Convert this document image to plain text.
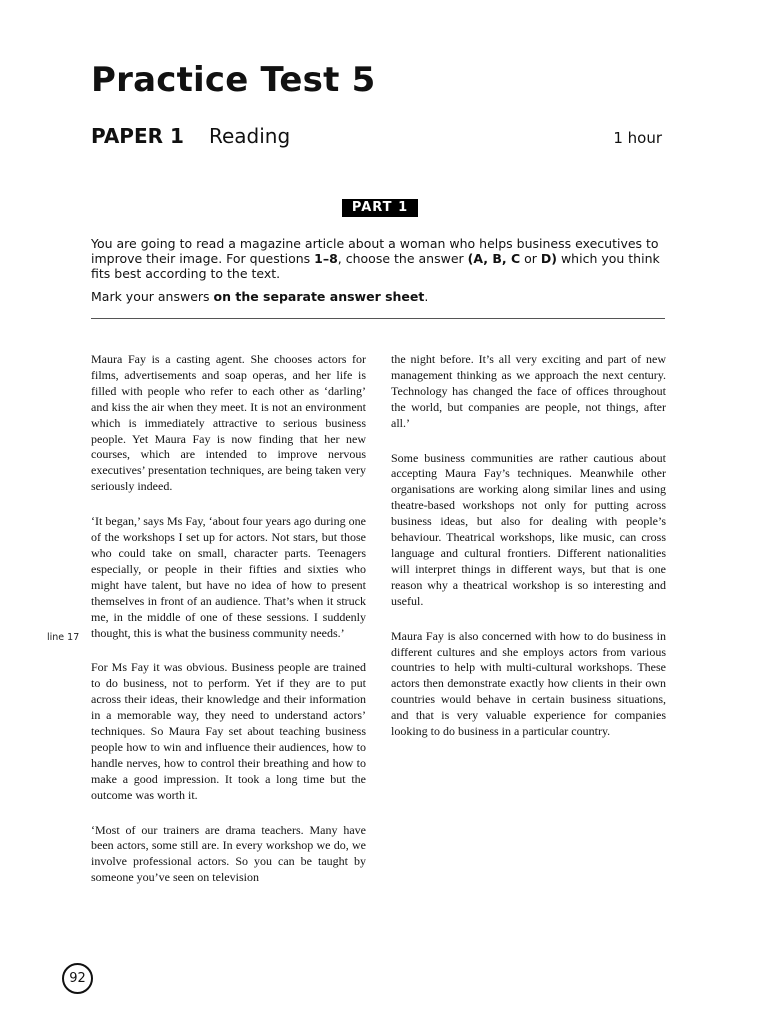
Practice Test 5
PAPER 1 Reading	1 hour
PART 1

You are going to read a magazine article about a woman who helps business executives to improve their image. For questions 1–8, choose the answer (A, B, C or D) which you think fits best according to the text.

Mark your answers on the separate answer sheet.

Maura Fay is a casting agent. She chooses actors for films, advertisements and soap operas, and her life is filled with people who refer to each other as ‘darling’ and kiss the air when they meet. It is not an environment which is immediately attractive to serious business people. Yet Maura Fay is now finding that her new courses, which are intended to improve nervous executives’ presentation techniques, are being taken very seriously indeed.

‘It began,’ says Ms Fay, ‘about four years ago during one of the workshops I set up for actors. Not stars, but those who could take on small, character parts. Teenagers especially, or people in their fifties and sixties who might have talent, but have no idea of how to present themselves in front of an audience. That’s when it struck me, in the middle of one of these sessions. I suddenly thought, this is what the business community needs.’

For Ms Fay it was obvious. Business people are trained to do business, not to perform. Yet if they are to put across their ideas, their knowledge and their information in a memorable way, they need to understand actors’ techniques. So Maura Fay set about teaching business people how to win and influence their audiences, how to handle nerves, how to control their breathing and how to make a good impression. It took a long time but the outcome was worth it.

‘Most of our trainers are drama teachers. Many have been actors, some still are. In every workshop we do, we involve professional actors. So you can be taught by someone you’ve seen on television

the night before. It’s all very exciting and part of new management thinking as we approach the next century. Technology has changed the face of offices throughout the world, but companies are people, not things, after all.’

Some business communities are rather cautious about accepting Maura Fay’s techniques. Meanwhile other organisations are working along similar lines and using theatre-based workshops not only for putting across business ideas, but also for dealing with people’s behaviour. Theatrical workshops, like music, can cross language and cultural frontiers. Different nationalities will interpret things in different ways, but that is one reason why a theatrical workshop is so interesting and useful.

Maura Fay is also concerned with how to do business in different cultures and she employs actors from various countries to help with multi-cultural workshops. These actors then demonstrate exactly how clients in their own countries would behave in certain business situations, and that is very valuable experience for companies looking to do business in a particular country.

line 17
92
